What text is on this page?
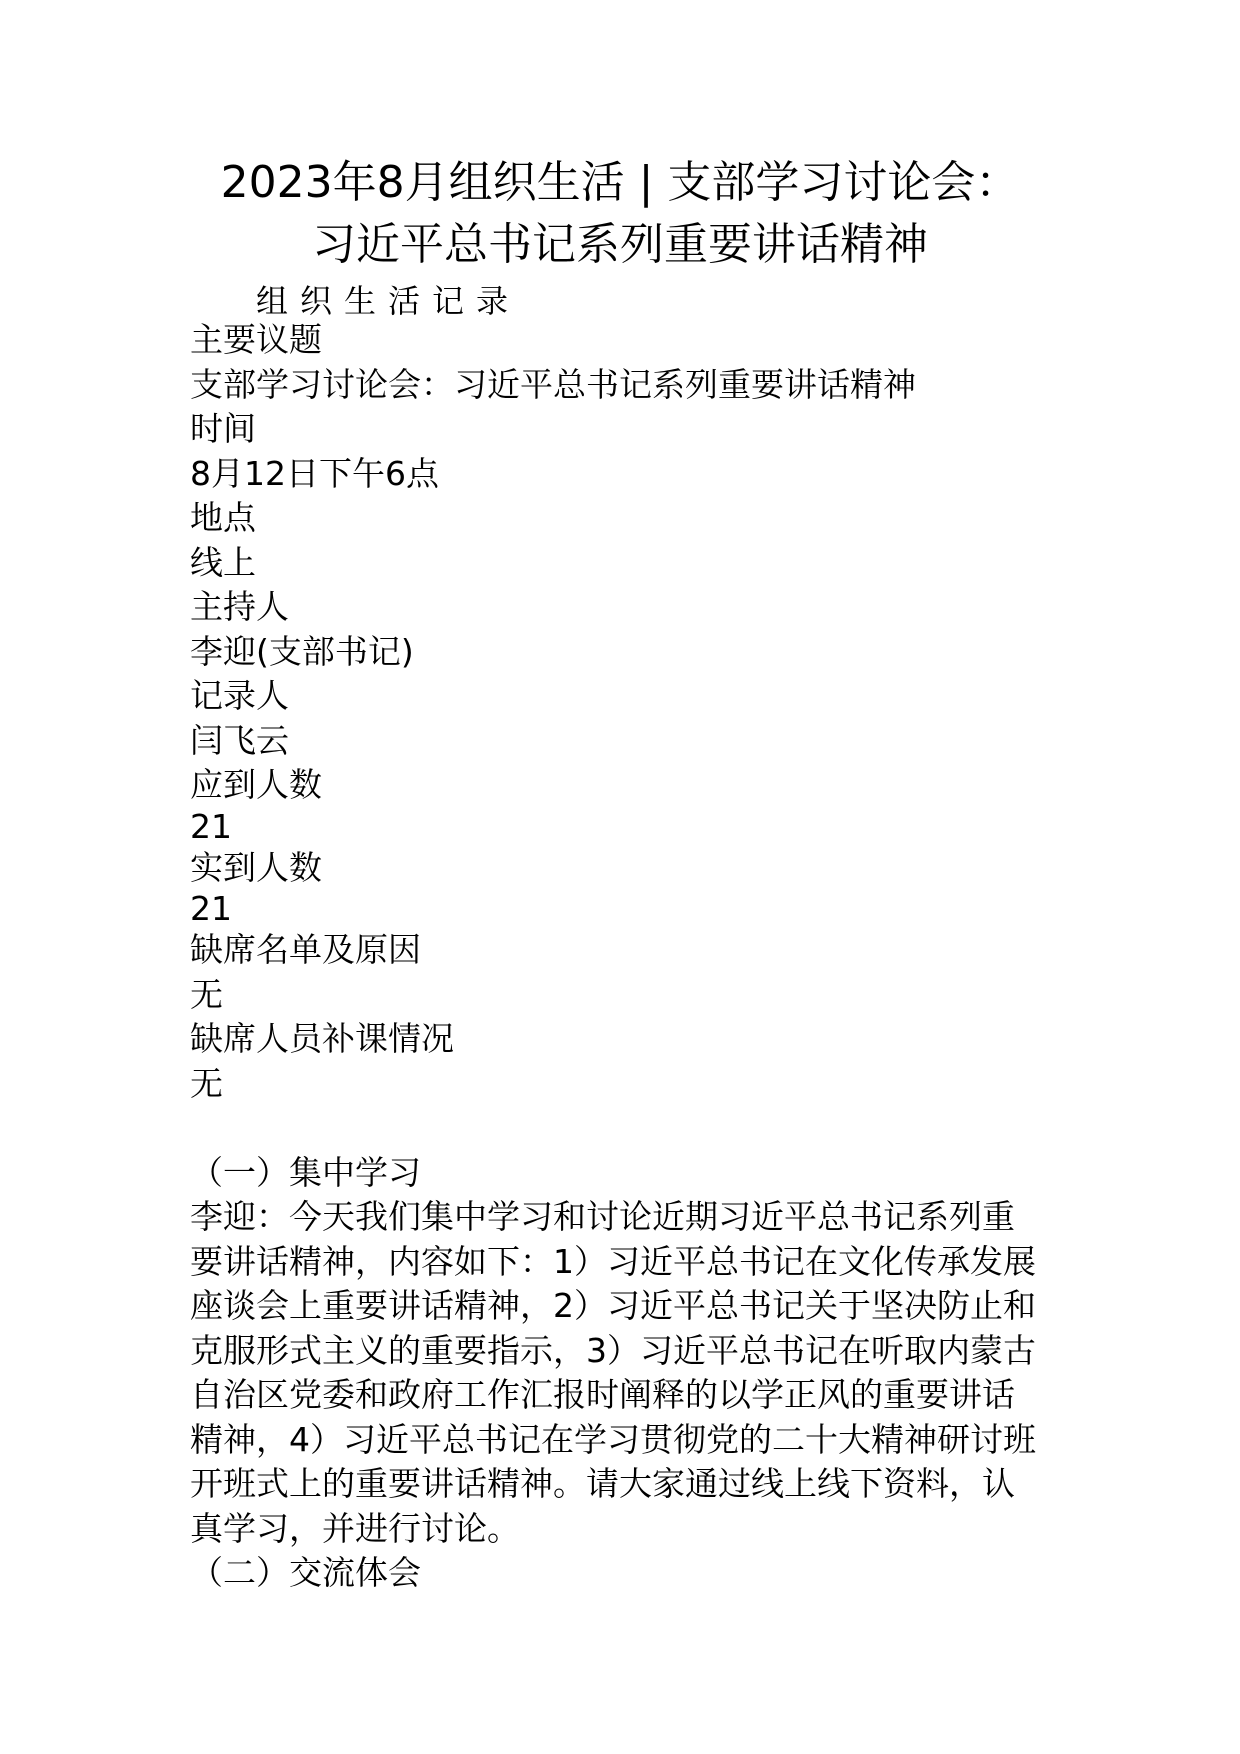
2023年8月组织生活 | 支部学习讨论会：
习近平总书记系列重要讲话精神
组织生活记录
主要议题
支部学习讨论会：习近平总书记系列重要讲话精神
时间
8月12日下午6点
地点
线上
主持人
李迎(支部书记)
记录人
闫飞云
应到人数
21
实到人数
21
缺席名单及原因
无
缺席人员补课情况
无
（一）集中学习
李迎：今天我们集中学习和讨论近期习近平总书记系列重
要讲话精神，内容如下：1）习近平总书记在文化传承发展
座谈会上重要讲话精神，2）习近平总书记关于坚决防止和
克服形式主义的重要指示，3）习近平总书记在听取内蒙古
自治区党委和政府工作汇报时阐释的以学正风的重要讲话
精神，4）习近平总书记在学习贯彻党的二十大精神研讨班
开班式上的重要讲话精神。请大家通过线上线下资料，认
真学习，并进行讨论。
（二）交流体会
